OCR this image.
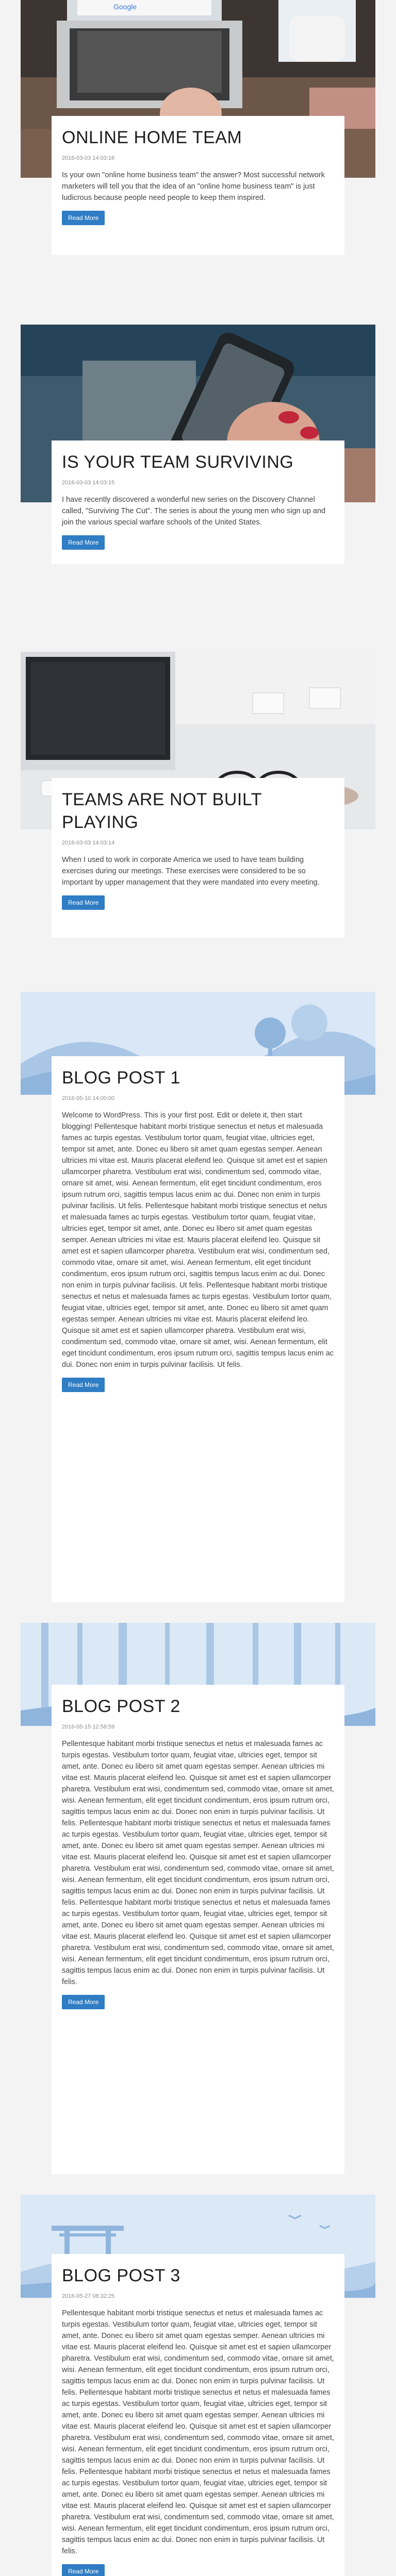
Google
ONLINE HOME TEAM
2016-03-03 14:03:16

Is your own "online home business team" the answer? Most successful network marketers will tell you that the idea of an "online home business team" is just ludicrous because people need people to keep them inspired.

Read More
IS YOUR TEAM SURVIVING
2016-03-03 14:03:15

I have recently discovered a wonderful new series on the Discovery Channel called, "Surviving The Cut". The series is about the young men who sign up and join the various special warfare schools of the United States.

Read More
TEAMS ARE NOT BUILT PLAYING
2016-03-03 14:03:14

When I used to work in corporate America we used to have team building exercises during our meetings. These exercises were considered to be so important by upper management that they were mandated into every meeting.

Read More
BLOG POST 1
2016-05-10 14:00:00

Welcome to WordPress. This is your first post. Edit or delete it, then start blogging! Pellentesque habitant morbi tristique senectus et netus et malesuada fames ac turpis egestas. Vestibulum tortor quam, feugiat vitae, ultricies eget, tempor sit amet, ante. Donec eu libero sit amet quam egestas semper. Aenean ultricies mi vitae est. Mauris placerat eleifend leo. Quisque sit amet est et sapien ullamcorper pharetra. Vestibulum erat wisi, condimentum sed, commodo vitae, ornare sit amet, wisi. Aenean fermentum, elit eget tincidunt condimentum, eros ipsum rutrum orci, sagittis tempus lacus enim ac dui. Donec non enim in turpis pulvinar facilisis. Ut felis. Pellentesque habitant morbi tristique senectus et netus et malesuada fames ac turpis egestas. Vestibulum tortor quam, feugiat vitae, ultricies eget, tempor sit amet, ante. Donec eu libero sit amet quam egestas semper. Aenean ultricies mi vitae est. Mauris placerat eleifend leo. Quisque sit amet est et sapien ullamcorper pharetra. Vestibulum erat wisi, condimentum sed, commodo vitae, ornare sit amet, wisi. Aenean fermentum, elit eget tincidunt condimentum, eros ipsum rutrum orci, sagittis tempus lacus enim ac dui. Donec non enim in turpis pulvinar facilisis. Ut felis. Pellentesque habitant morbi tristique senectus et netus et malesuada fames ac turpis egestas. Vestibulum tortor quam, feugiat vitae, ultricies eget, tempor sit amet, ante. Donec eu libero sit amet quam egestas semper. Aenean ultricies mi vitae est. Mauris placerat eleifend leo. Quisque sit amet est et sapien ullamcorper pharetra. Vestibulum erat wisi, condimentum sed, commodo vitae, ornare sit amet, wisi. Aenean fermentum, elit eget tincidunt condimentum, eros ipsum rutrum orci, sagittis tempus lacus enim ac dui. Donec non enim in turpis pulvinar facilisis. Ut felis.

Read More
BLOG POST 2
2016-05-15 12:58:59

Pellentesque habitant morbi tristique senectus et netus et malesuada fames ac turpis egestas. Vestibulum tortor quam, feugiat vitae, ultricies eget, tempor sit amet, ante. Donec eu libero sit amet quam egestas semper. Aenean ultricies mi vitae est. Mauris placerat eleifend leo. Quisque sit amet est et sapien ullamcorper pharetra. Vestibulum erat wisi, condimentum sed, commodo vitae, ornare sit amet, wisi. Aenean fermentum, elit eget tincidunt condimentum, eros ipsum rutrum orci, sagittis tempus lacus enim ac dui. Donec non enim in turpis pulvinar facilisis. Ut felis. Pellentesque habitant morbi tristique senectus et netus et malesuada fames ac turpis egestas. Vestibulum tortor quam, feugiat vitae, ultricies eget, tempor sit amet, ante. Donec eu libero sit amet quam egestas semper. Aenean ultricies mi vitae est. Mauris placerat eleifend leo. Quisque sit amet est et sapien ullamcorper pharetra. Vestibulum erat wisi, condimentum sed, commodo vitae, ornare sit amet, wisi. Aenean fermentum, elit eget tincidunt condimentum, eros ipsum rutrum orci, sagittis tempus lacus enim ac dui. Donec non enim in turpis pulvinar facilisis. Ut felis. Pellentesque habitant morbi tristique senectus et netus et malesuada fames ac turpis egestas. Vestibulum tortor quam, feugiat vitae, ultricies eget, tempor sit amet, ante. Donec eu libero sit amet quam egestas semper. Aenean ultricies mi vitae est. Mauris placerat eleifend leo. Quisque sit amet est et sapien ullamcorper pharetra. Vestibulum erat wisi, condimentum sed, commodo vitae, ornare sit amet, wisi. Aenean fermentum, elit eget tincidunt condimentum, eros ipsum rutrum orci, sagittis tempus lacus enim ac dui. Donec non enim in turpis pulvinar facilisis. Ut felis.

Read More
BLOG POST 3
2016-05-27 08:32:25

Pellentesque habitant morbi tristique senectus et netus et malesuada fames ac turpis egestas. Vestibulum tortor quam, feugiat vitae, ultricies eget, tempor sit amet, ante. Donec eu libero sit amet quam egestas semper. Aenean ultricies mi vitae est. Mauris placerat eleifend leo. Quisque sit amet est et sapien ullamcorper pharetra. Vestibulum erat wisi, condimentum sed, commodo vitae, ornare sit amet, wisi. Aenean fermentum, elit eget tincidunt condimentum, eros ipsum rutrum orci, sagittis tempus lacus enim ac dui. Donec non enim in turpis pulvinar facilisis. Ut felis. Pellentesque habitant morbi tristique senectus et netus et malesuada fames ac turpis egestas. Vestibulum tortor quam, feugiat vitae, ultricies eget, tempor sit amet, ante. Donec eu libero sit amet quam egestas semper. Aenean ultricies mi vitae est. Mauris placerat eleifend leo. Quisque sit amet est et sapien ullamcorper pharetra. Vestibulum erat wisi, condimentum sed, commodo vitae, ornare sit amet, wisi. Aenean fermentum, elit eget tincidunt condimentum, eros ipsum rutrum orci, sagittis tempus lacus enim ac dui. Donec non enim in turpis pulvinar facilisis. Ut felis. Pellentesque habitant morbi tristique senectus et netus et malesuada fames ac turpis egestas. Vestibulum tortor quam, feugiat vitae, ultricies eget, tempor sit amet, ante. Donec eu libero sit amet quam egestas semper. Aenean ultricies mi vitae est. Mauris placerat eleifend leo. Quisque sit amet est et sapien ullamcorper pharetra. Vestibulum erat wisi, condimentum sed, commodo vitae, ornare sit amet, wisi. Aenean fermentum, elit eget tincidunt condimentum, eros ipsum rutrum orci, sagittis tempus lacus enim ac dui. Donec non enim in turpis pulvinar facilisis. Ut felis.

Read More
